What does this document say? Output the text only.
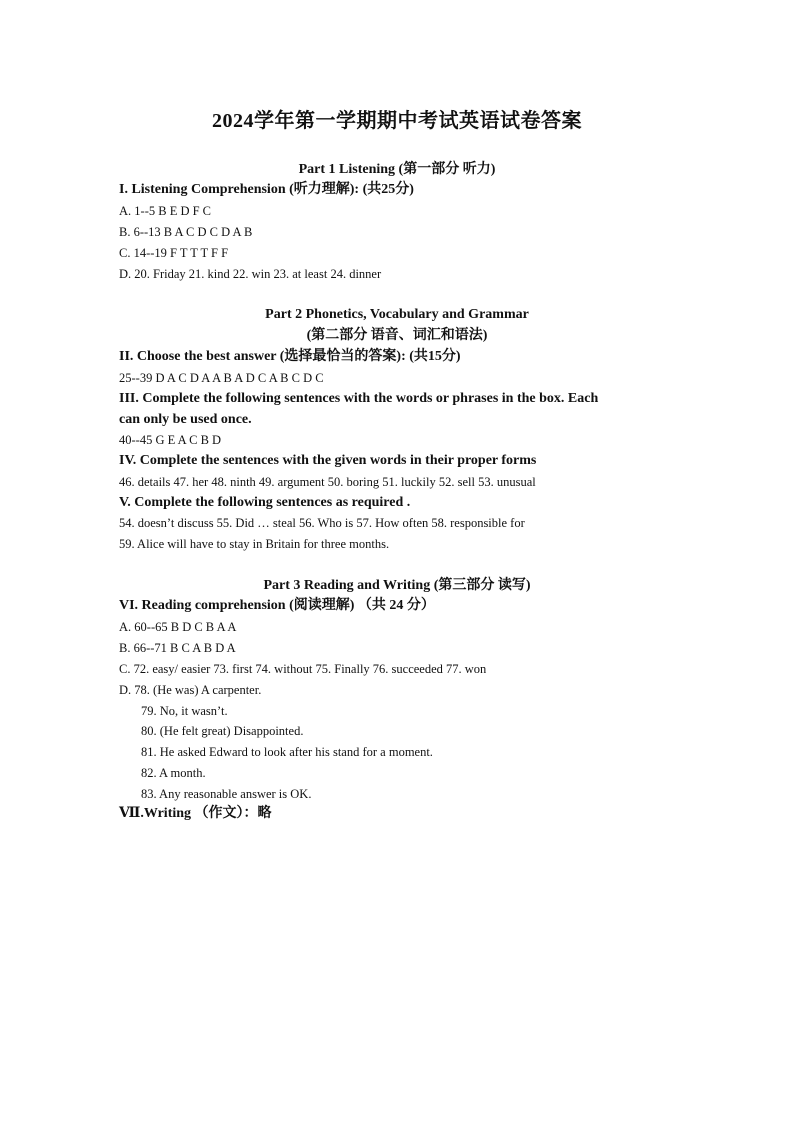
2024学年第一学期期中考试英语试卷答案
Part 1 Listening (第一部分 听力)
I. Listening Comprehension (听力理解): (共25分)
A. 1--5 B E D F C
B. 6--13 B A C D C D A B
C. 14--19 F T T T F F
D. 20. Friday 21. kind 22. win 23. at least 24. dinner
Part 2 Phonetics, Vocabulary and Grammar
(第二部分 语音、词汇和语法)
II. Choose the best answer (选择最恰当的答案): (共15分)
25--39 D A C D A A B A D C A B C D C
III. Complete the following sentences with the words or phrases in the box. Each
can only be used once.
40--45 G E A C B D
IV. Complete the sentences with the given words in their proper forms
46. details 47. her 48. ninth 49. argument 50. boring 51. luckily 52. sell 53. unusual
V. Complete the following sentences as required .
54. doesn’t discuss 55. Did … steal 56. Who is 57. How often 58. responsible for
59. Alice will have to stay in Britain for three months.
Part 3 Reading and Writing (第三部分 读写)
VI. Reading comprehension (阅读理解) （共 24 分）
A. 60--65 B D C B A A
B. 66--71 B C A B D A
C. 72. easy/ easier 73. first 74. without 75. Finally 76. succeeded 77. won
D. 78. (He was) A carpenter.
79. No, it wasn’t.
80. (He felt great) Disappointed.
81. He asked Edward to look after his stand for a moment.
82. A month.
83. Any reasonable answer is OK.
Ⅶ.Writing （作文）：略
